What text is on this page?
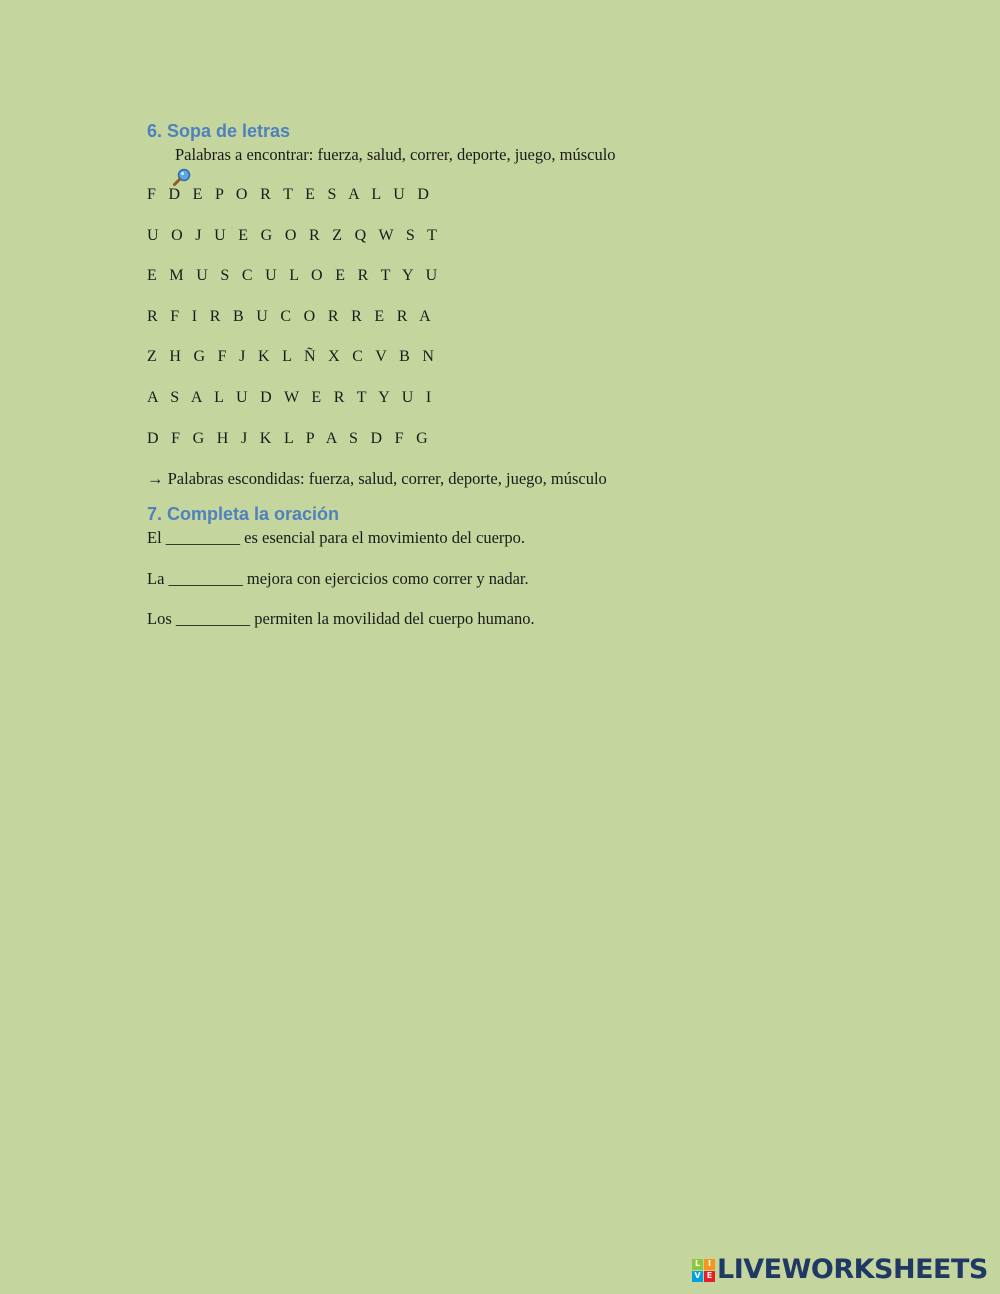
6. Sopa de letras

Palabras a encontrar: fuerza, salud, correr, deporte, juego, músculo
F D E P O R T E S A L U D
U O J U E G O R Z Q W S T
E M U S C U L O E R T Y U
R F I R B U C O R R E R A
Z H G F J K L Ñ X C V B N
A S A L U D W E R T Y U I
D F G H J K L P A S D F G

→ Palabras escondidas: fuerza, salud, correr, deporte, juego, músculo

7. Completa la oración

El _________ es esencial para el movimiento del cuerpo.

La _________ mejora con ejercicios como correr y nadar.

Los _________ permiten la movilidad del cuerpo humano.

L I
V E LIVEWORKSHEETS
